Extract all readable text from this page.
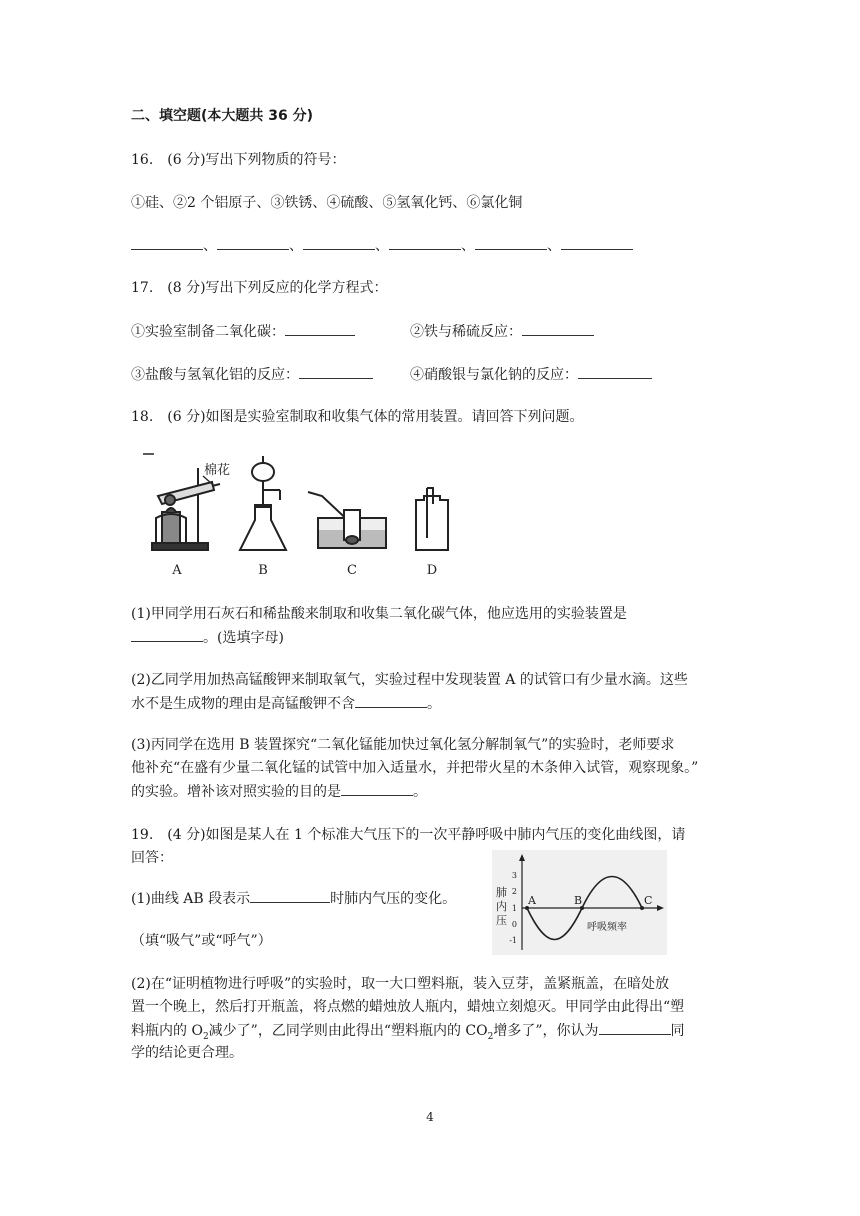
二、填空题(本大题共 36 分)
16.　(6 分)写出下列物质的符号：
①硅、②2 个铝原子、③铁锈、④硫酸、⑤氢氧化钙、⑥氯化铜
、	、	、	、	、
17.　(8 分)写出下列反应的化学方程式：
①实验室制备二氧化碳：	②铁与稀硫反应：
③盐酸与氢氧化铝的反应：	④硝酸银与氯化钠的反应：
18.　(6 分)如图是实验室制取和收集气体的常用装置。请回答下列问题。
棉花
A	B	C	D
(1)甲同学用石灰石和稀盐酸来制取和收集二氧化碳气体，他应选用的实验装置是
。(选填字母)
(2)乙同学用加热高锰酸钾来制取氧气，实验过程中发现装置 A 的试管口有少量水滴。这些
水不是生成物的理由是高锰酸钾不含	。
(3)丙同学在选用 B 装置探究“二氧化锰能加快过氧化氢分解制氧气”的实验时，老师要求
他补充“在盛有少量二氧化锰的试管中加入适量水，并把带火星的木条伸入试管，观察现象。”
的实验。增补该对照实验的目的是	。
19.　(4 分)如图是某人在 1 个标准大气压下的一次平静呼吸中肺内气压的变化曲线图，请
回答：
(1)曲线 AB 段表示	时肺内气压的变化。
（填“吸气”或“呼气”）
3
2
1
0
-1
肺
内
压
A	B	C
呼吸频率
(2)在“证明植物进行呼吸”的实验时，取一大口塑料瓶，装入豆芽，盖紧瓶盖，在暗处放
置一个晚上，然后打开瓶盖，将点燃的蜡烛放人瓶内，蜡烛立刻熄灭。甲同学由此得出“塑
料瓶内的 $O_2$减少了”，乙同学则由此得出“塑料瓶内的 $CO_2$增多了”，你认为	同
学的结论更合理。
4
